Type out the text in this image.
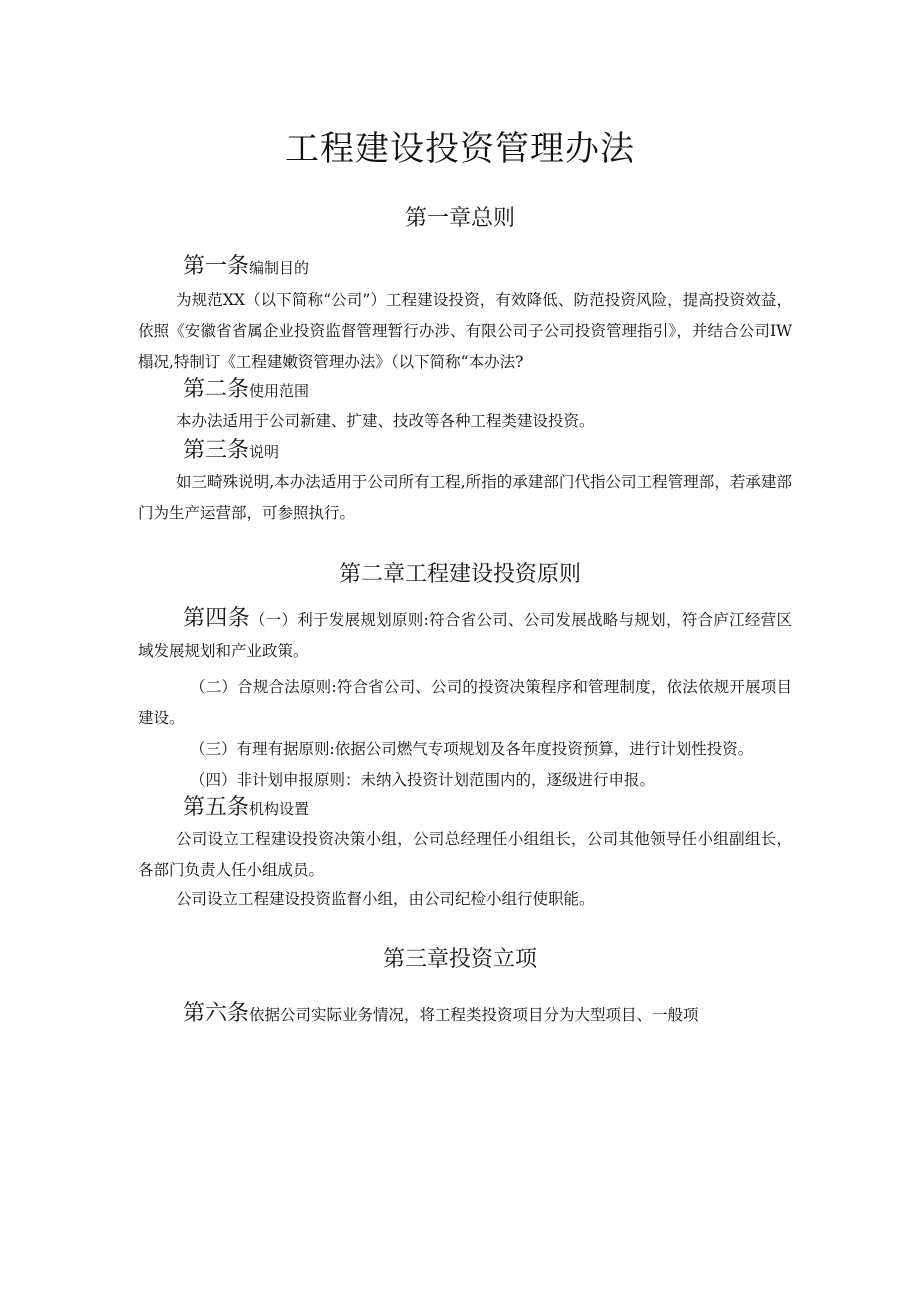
工程建设投资管理办法
第一章总则
第一条编制目的

为规范XX（以下简称“公司”）工程建设投资，有效降低、防范投资风险，提高投资效益，依照《安徽省省属企业投资监督管理暂行办涉、有限公司子公司投资管理指引》，并结合公司IW榻况,特制订《工程建嫩资管理办法》（以下简称“本办法?

第二条使用范围

本办法适用于公司新建、扩建、技改等各种工程类建设投资。

第三条说明

如三畸殊说明,本办法适用于公司所有工程,所指的承建部门代指公司工程管理部，若承建部门为生产运营部，可参照执行。

第二章工程建设投资原则

第四条（一）利于发展规划原则:符合省公司、公司发展战略与规划，符合庐江经营区域发展规划和产业政策。

（二）合规合法原则:符合省公司、公司的投资决策程序和管理制度，依法依规开展项目建设。

（三）有理有据原则:依据公司燃气专项规划及各年度投资预算，进行计划性投资。

（四）非计划申报原则：未纳入投资计划范围内的，逐级进行申报。

第五条机构设置

公司设立工程建设投资决策小组，公司总经理任小组组长，公司其他领导任小组副组长，各部门负责人任小组成员。

公司设立工程建设投资监督小组，由公司纪检小组行使职能。

第三章投资立项
第六条依据公司实际业务情况，将工程类投资项目分为大型项目、一般项
